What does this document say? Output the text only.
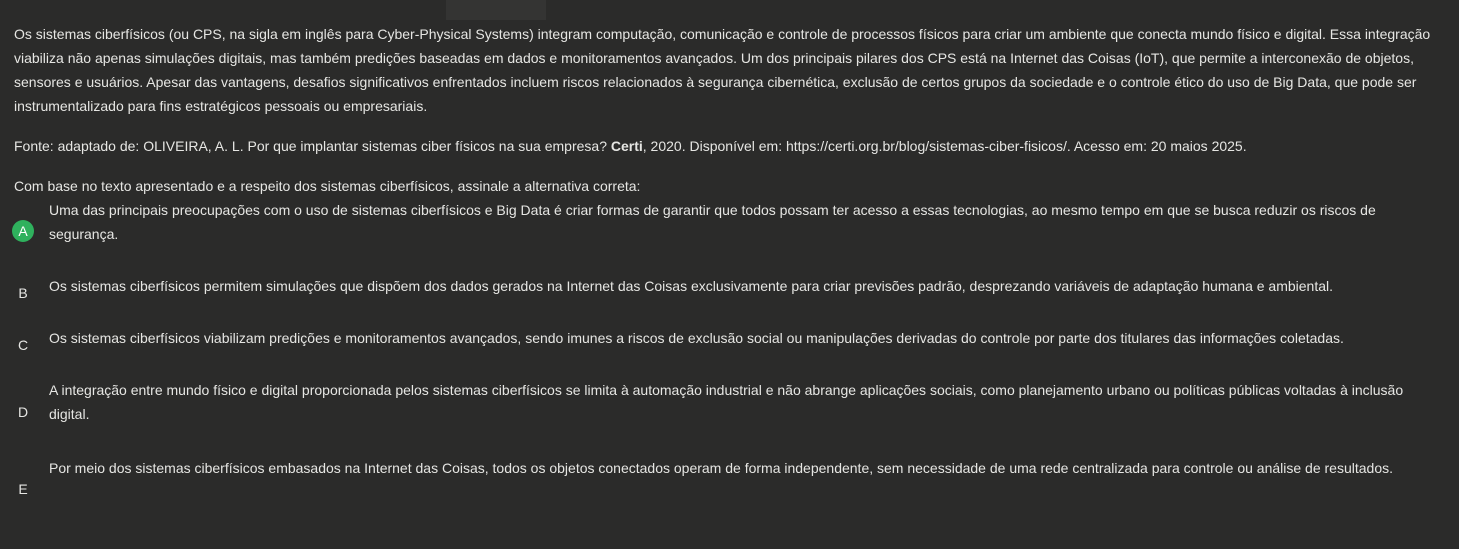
Os sistemas ciberfísicos (ou CPS, na sigla em inglês para Cyber-Physical Systems) integram computação, comunicação e controle de processos físicos para criar um ambiente que conecta mundo físico e digital. Essa integração viabiliza não apenas simulações digitais, mas também predições baseadas em dados e monitoramentos avançados. Um dos principais pilares dos CPS está na Internet das Coisas (IoT), que permite a interconexão de objetos, sensores e usuários. Apesar das vantagens, desafios significativos enfrentados incluem riscos relacionados à segurança cibernética, exclusão de certos grupos da sociedade e o controle ético do uso de Big Data, que pode ser instrumentalizado para fins estratégicos pessoais ou empresariais.

Fonte: adaptado de: OLIVEIRA, A. L. Por que implantar sistemas ciber físicos na sua empresa? Certi, 2020. Disponível em: https://certi.org.br/blog/sistemas-ciber-fisicos/. Acesso em: 20 maios 2025.

Com base no texto apresentado e a respeito dos sistemas ciberfísicos, assinale a alternativa correta:

A
Uma das principais preocupações com o uso de sistemas ciberfísicos e Big Data é criar formas de garantir que todos possam ter acesso a essas tecnologias, ao mesmo tempo em que se busca reduzir os riscos de segurança.
B	Os sistemas ciberfísicos permitem simulações que dispõem dos dados gerados na Internet das Coisas exclusivamente para criar previsões padrão, desprezando variáveis de adaptação humana e ambiental.
C	Os sistemas ciberfísicos viabilizam predições e monitoramentos avançados, sendo imunes a riscos de exclusão social ou manipulações derivadas do controle por parte dos titulares das informações coletadas.
D
A integração entre mundo físico e digital proporcionada pelos sistemas ciberfísicos se limita à automação industrial e não abrange aplicações sociais, como planejamento urbano ou políticas públicas voltadas à inclusão digital.
E
Por meio dos sistemas ciberfísicos embasados na Internet das Coisas, todos os objetos conectados operam de forma independente, sem necessidade de uma rede centralizada para controle ou análise de resultados.
